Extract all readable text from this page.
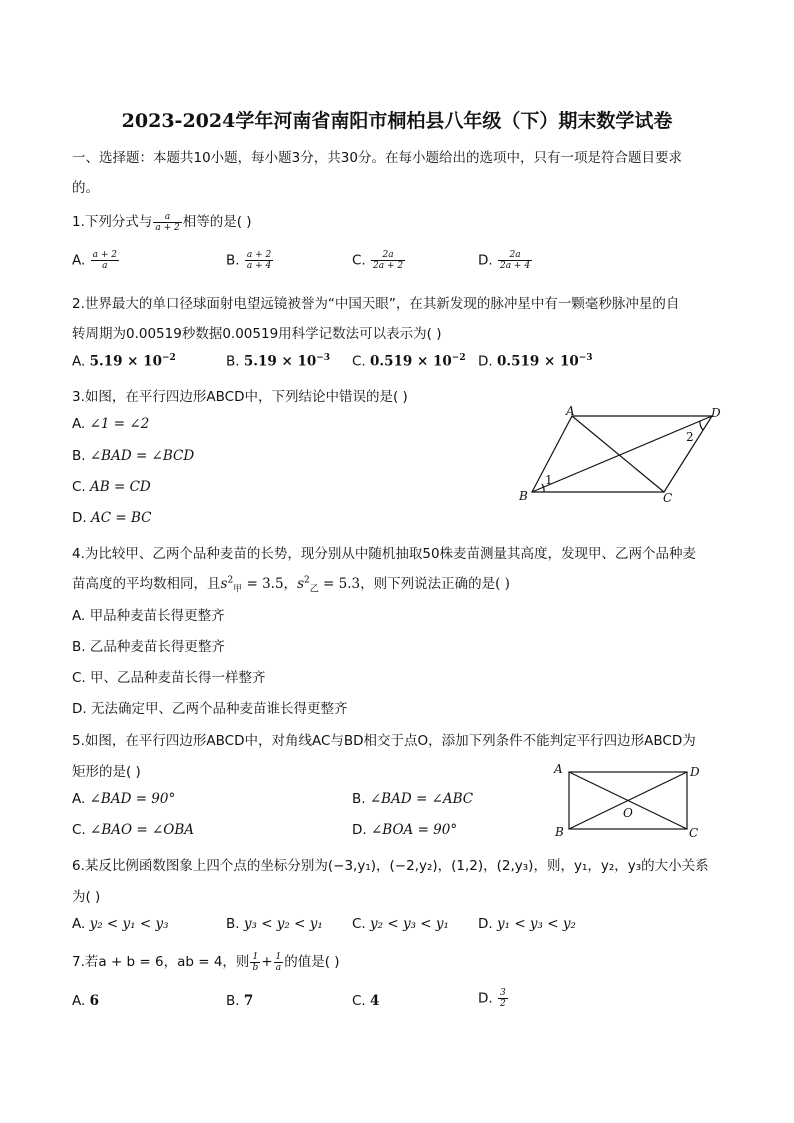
2023-2024学年河南省南阳市桐柏县八年级（下）期末数学试卷
一、选择题：本题共10小题，每小题3分，共30分。在每小题给出的选项中，只有一项是符合题目要求
的。
1.下列分式与 $\frac{a}{a + 2}$ 相等的是( )
A. $\frac{a + 2}{a}$	B. $\frac{a + 2}{a + 4}$	C. $\frac{2a}{2a + 2}$	D. $\frac{2a}{2a + 4}$
2.世界最大的单口径球面射电望远镜被誉为“中国天眼”，在其新发现的脉冲星中有一颗毫秒脉冲星的自
转周期为0.00519秒数据0.00519用科学记数法可以表示为( )
A. $5.19 \times 10^{-2}$	B. $5.19 \times 10^{-3}$ C. $0.519 \times 10^{-2}$ D. $0.519 \times 10^{-3}$
3.如图，在平行四边形ABCD中，下列结论中错误的是( )
A. ∠1 = ∠2
B. ∠BAD = ∠BCD
C. AB = CD
D. AC = BC
A	D
B	C
1
2
4.为比较甲、乙两个品种麦苗的长势，现分别从中随机抽取50株麦苗测量其高度，发现甲、乙两个品种麦
苗高度的平均数相同，且$s^2_甲 = 3.5$，$s^2_乙 = 5.3$，则下列说法正确的是( )
A. 甲品种麦苗长得更整齐
B. 乙品种麦苗长得更整齐
C. 甲、乙品种麦苗长得一样整齐
D. 无法确定甲、乙两个品种麦苗谁长得更整齐
5.如图，在平行四边形ABCD中，对角线AC与BD相交于点O，添加下列条件不能判定平行四边形ABCD为
矩形的是( )
A. ∠BAD = 90°	B. ∠BAD = ∠ABC
C. ∠BAO = ∠OBA	D. ∠BOA = 90°
A	D
B	C
O
6.某反比例函数图象上四个点的坐标分别为(−3,y₁)，(−2,y₂)，(1,2)，(2,y₃)，则，y₁，y₂，y₃的大小关系
为( )
A. y₂ < y₁ < y₃	B. y₃ < y₂ < y₁ C. y₂ < y₃ < y₁ D. y₁ < y₃ < y₂
7.若a + b = 6，ab = 4，则 $\frac{1}{b} + \frac{1}{a}$ 的值是( )
A. 6	B. 7	C. 4	D. $\frac{3}{2}$
